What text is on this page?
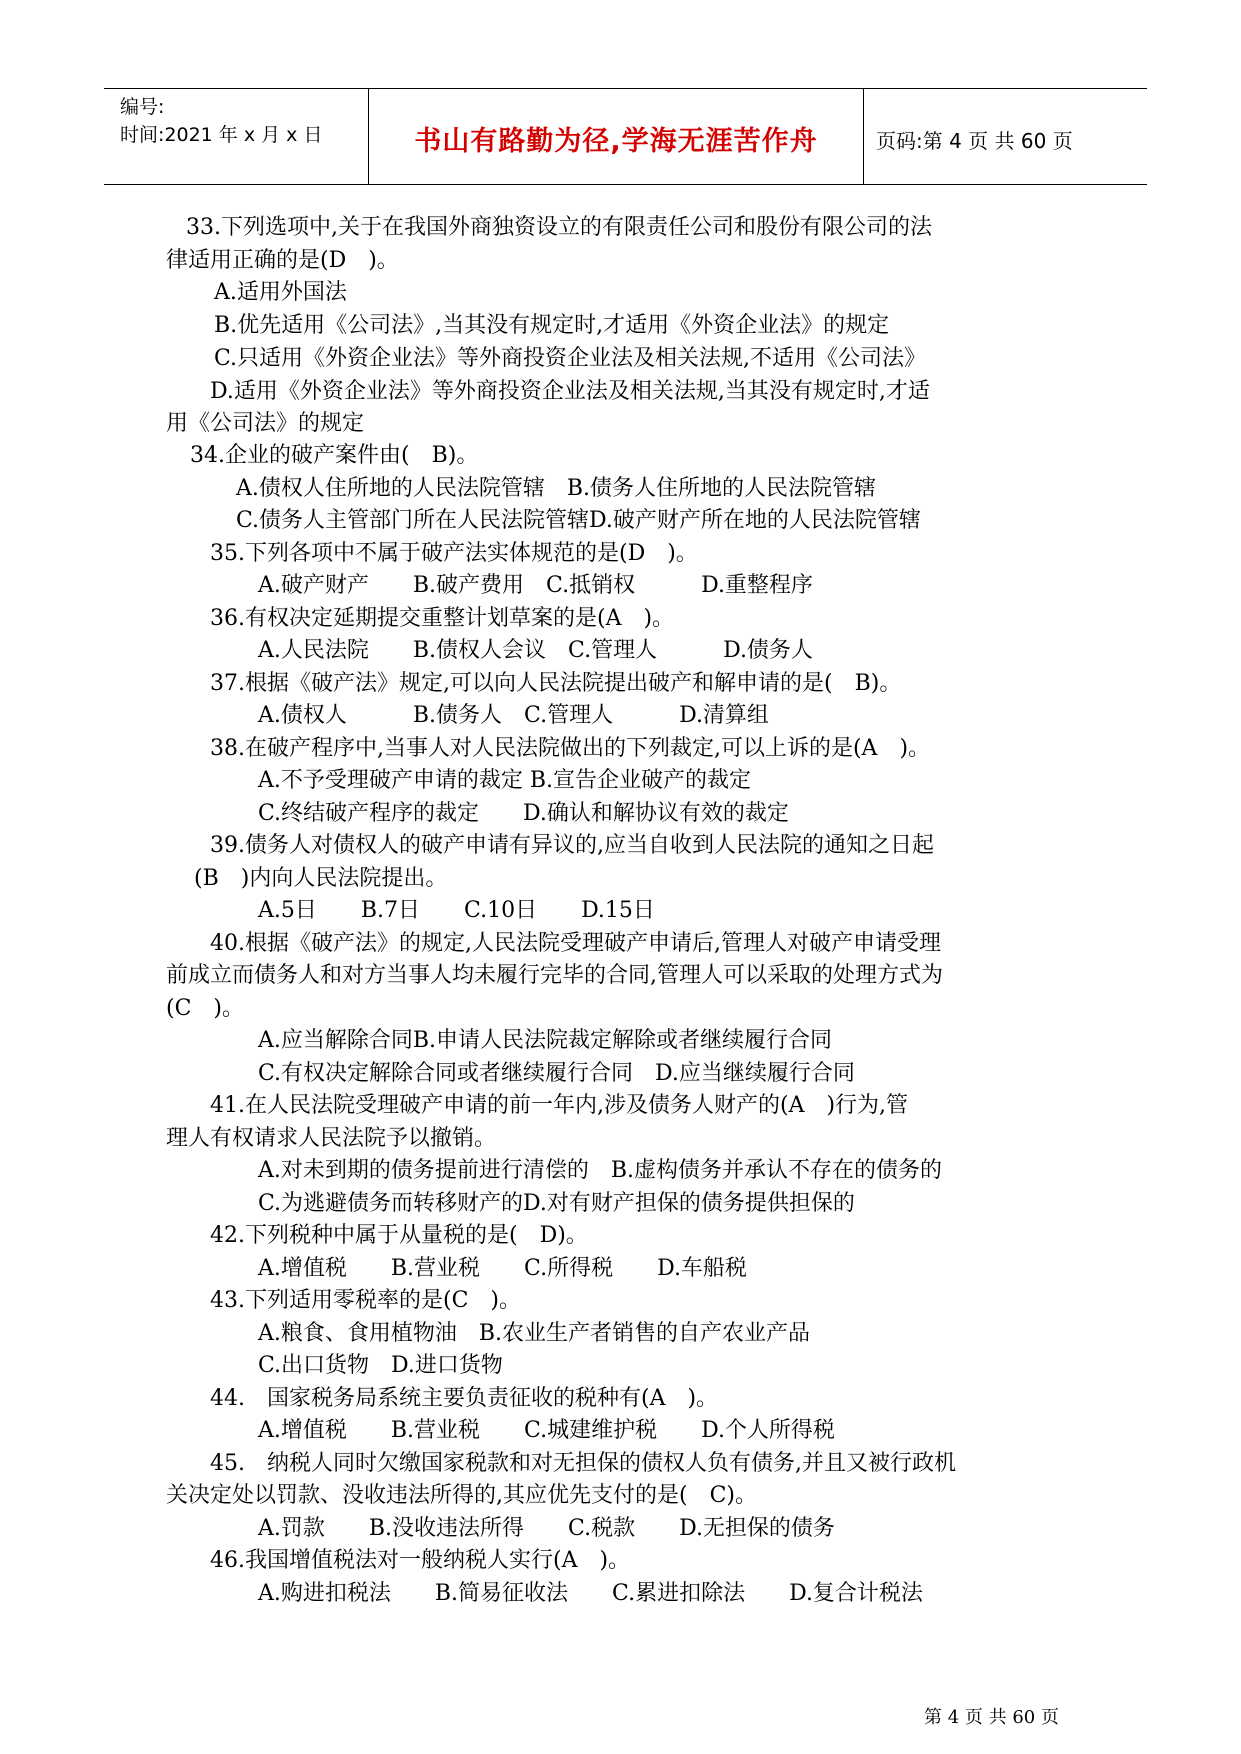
编号:
时间:2021 年 x 月 x 日	书山有路勤为径,学海无涯苦作舟	页码:第 4 页 共 60 页
33.下列选项中,关于在我国外商独资设立的有限责任公司和股份有限公司的法
律适用正确的是(D　)。
A.适用外国法
B.优先适用《公司法》,当其没有规定时,才适用《外资企业法》的规定
C.只适用《外资企业法》等外商投资企业法及相关法规,不适用《公司法》
D.适用《外资企业法》等外商投资企业法及相关法规,当其没有规定时,才适
用《公司法》的规定
34.企业的破产案件由(　B)。
A.债权人住所地的人民法院管辖　B.债务人住所地的人民法院管辖
C.债务人主管部门所在人民法院管辖D.破产财产所在地的人民法院管辖
35.下列各项中不属于破产法实体规范的是(D　)。
A.破产财产　　B.破产费用　C.抵销权　　　D.重整程序
36.有权决定延期提交重整计划草案的是(A　)。
A.人民法院　　B.债权人会议　C.管理人　　　D.债务人
37.根据《破产法》规定,可以向人民法院提出破产和解申请的是(　B)。
A.债权人　　　B.债务人　C.管理人　　　D.清算组
38.在破产程序中,当事人对人民法院做出的下列裁定,可以上诉的是(A　)。
A.不予受理破产申请的裁定 B.宣告企业破产的裁定
C.终结破产程序的裁定　　D.确认和解协议有效的裁定
39.债务人对债权人的破产申请有异议的,应当自收到人民法院的通知之日起
(B　)内向人民法院提出。
A.5日　　B.7日　　C.10日　　D.15日
40.根据《破产法》的规定,人民法院受理破产申请后,管理人对破产申请受理
前成立而债务人和对方当事人均未履行完毕的合同,管理人可以采取的处理方式为
(C　)。
A.应当解除合同B.申请人民法院裁定解除或者继续履行合同
C.有权决定解除合同或者继续履行合同　D.应当继续履行合同
41.在人民法院受理破产申请的前一年内,涉及债务人财产的(A　)行为,管
理人有权请求人民法院予以撤销。
A.对未到期的债务提前进行清偿的　B.虚构债务并承认不存在的债务的
C.为逃避债务而转移财产的D.对有财产担保的债务提供担保的
42.下列税种中属于从量税的是(　D)。
A.增值税　　B.营业税　　C.所得税　　D.车船税
43.下列适用零税率的是(C　)。
A.粮食、食用植物油　B.农业生产者销售的自产农业产品
C.出口货物　D.进口货物
44.　国家税务局系统主要负责征收的税种有(A　)。
A.增值税　　B.营业税　　C.城建维护税　　D.个人所得税
45.　纳税人同时欠缴国家税款和对无担保的债权人负有债务,并且又被行政机
关决定处以罚款、没收违法所得的,其应优先支付的是(　C)。
A.罚款　　B.没收违法所得　　C.税款　　D.无担保的债务
46.我国增值税法对一般纳税人实行(A　)。
A.购进扣税法　　B.简易征收法　　C.累进扣除法　　D.复合计税法
第 4 页 共 60 页
